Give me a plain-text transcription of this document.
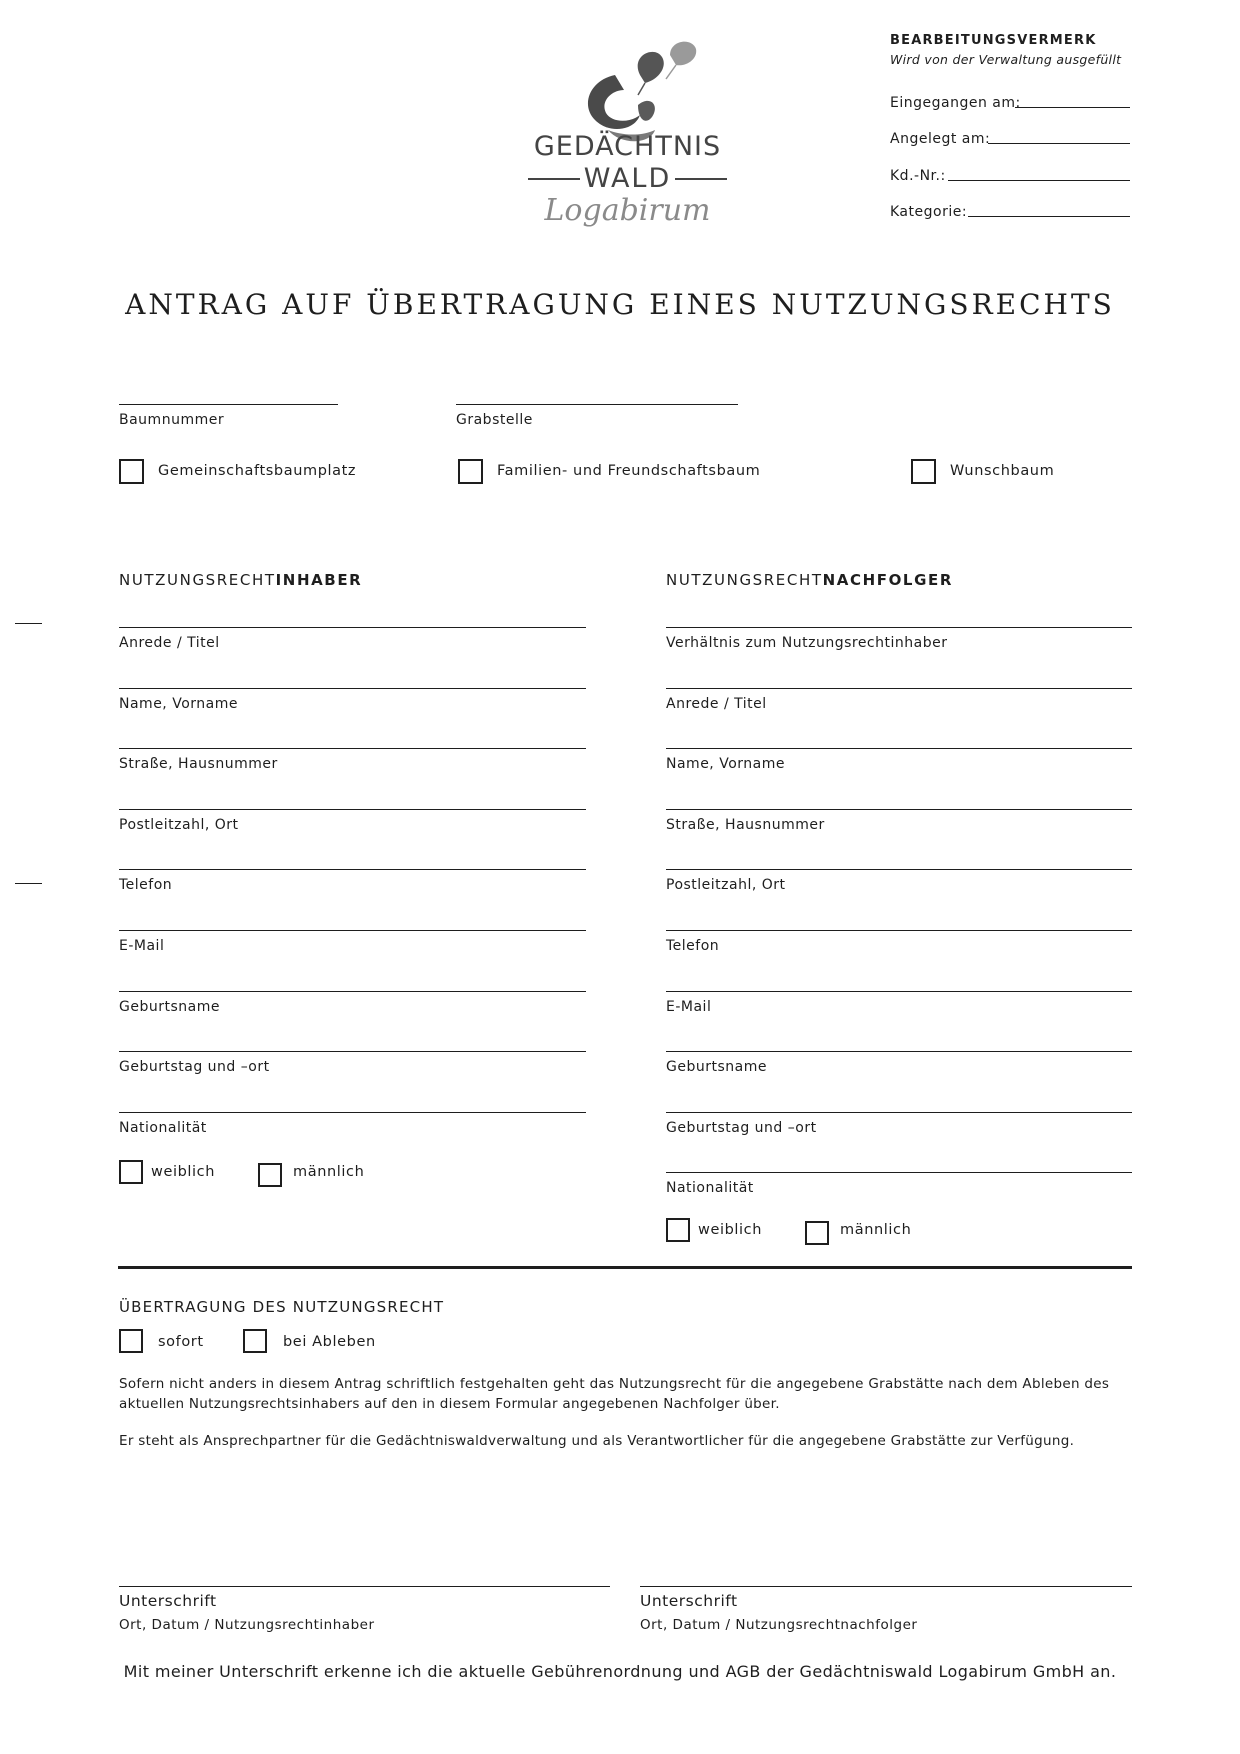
GEDÄCHTNIS
WALD
Logabirum
BEARBEITUNGSVERMERK
Wird von der Verwaltung ausgefüllt
Eingegangen am:
Angelegt am:
Kd.-Nr.:
Kategorie:
ANTRAG AUF ÜBERTRAGUNG EINES NUTZUNGSRECHTS
Baumnummer	Grabstelle
Gemeinschaftsbaumplatz	Familien- und Freundschaftsbaum	Wunschbaum
NUTZUNGSRECHTINHABER
Anrede / Titel
Name, Vorname
Straße, Hausnummer
Postleitzahl, Ort
Telefon
E-Mail
Geburtsname
Geburtstag und –ort
Nationalität
NUTZUNGSRECHTNACHFOLGER
Verhältnis zum Nutzungsrechtinhaber
Anrede / Titel
Name, Vorname
Straße, Hausnummer
Postleitzahl, Ort
Telefon
E-Mail
Geburtsname
Geburtstag und –ort
Nationalität
weiblich	männlich
weiblich	männlich
ÜBERTRAGUNG DES NUTZUNGSRECHT
sofort	bei Ableben
Sofern nicht anders in diesem Antrag schriftlich festgehalten geht das Nutzungsrecht für die angegebene Grabstätte nach dem Ableben des aktuellen Nutzungsrechtsinhabers auf den in diesem Formular angegebenen Nachfolger über.
Er steht als Ansprechpartner für die Gedächtniswaldverwaltung und als Verantwortlicher für die angegebene Grabstätte zur Verfügung.
Unterschrift
Ort, Datum / Nutzungsrechtinhaber
Unterschrift
Ort, Datum / Nutzungsrechtnachfolger
Mit meiner Unterschrift erkenne ich die aktuelle Gebührenordnung und AGB der Gedächtniswald Logabirum GmbH an.
